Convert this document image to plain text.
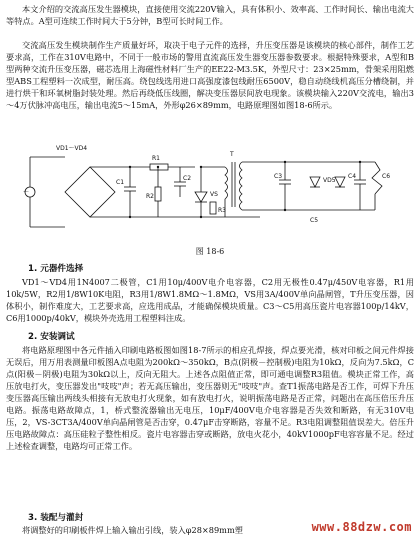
本文介绍的交流高压发生器模块，直接使用交流220V输入，具有体积小、效率高、工作时间长、输出电流大等特点。A型可连续工作时间大于5分钟，B型可长时间工作。

交流高压发生模块制作生产质量好坏，取决于电子元件的选择，升压变压器是该模块的核心部件，制作工艺要求高，工作在310V电路中，不同于一般市场的警用直流高压发生器变压器参数要求。根据特殊要求，A型和B型两种交流升压变压器，磁芯选用上海磁性材料厂生产的EE22-M3.5K，外型尺寸：23×25mm，骨架采用阻燃型ABS工程塑料一次成型，耐压高。绕包线选用进口高强度漆包线耐压6500V，稳自动绕线机高压分槽绕制，并进行烘干和环氧树脂封装处理。然后再绕低压线圈，解决变压器层间放电现象。该模块输入220V交流电，输出3～4万伏脉冲高电压，输出电流5～15mA，外形φ26×89mm，电路原理图如图18-6所示。

VD1～VD4
～
C1
R1
R2
C2
VS
R3
T
C3
VD5
C4
C5
C6

图 18-6

1. 元器件选择

VD1～VD4用1N4007二极管，C1用10μ/400V电介电容器，C2用无极性0.47μ/450V电容器，R1用10k/5W，R2用1/8W10K电阻，R3用1/8W1.8MΩ～1.8MΩ，VS用3A/400V单向晶闸管，T升压变压器，因体积小，制作难度大，工艺要求高，应选用成品，才能确保模块质量。C3～C5用高压瓷片电容器100p/14kV，C6用1000p/40kV，模块外壳选用工程塑料注成。

2. 安装调试

将电路原理图中各元件插入印刷电路板图如图18-7所示的相应孔焊接，焊点要光滑，核对印板之间元件焊接无误后，用万用表测量印板图A点电阻为200kΩ～350kΩ，B点(阴极－控制极)电阻为10kΩ，反向为7.5kΩ，C点(阳极－阴极)电阻为30kΩ以上，反向无阻大。上述各点阻值正常，即可通电调整R3阻值。模块正常工作，高压放电打火，变压器发出"吱吱"声；若无高压输出，变压器则无"吱吱"声。查T1振荡电路是否工作，可焊下升压变压器高压输出两线头相接有无放电打火现象，如有放电打火，说明振荡电路是否正常，问题出在高压倍压升压电路。振荡电路故障点，1，桥式整流器输出无电压，10μF/400V电介电容器是否失效和断路，有无310V电压，2，VS-3CT3A/400V单向晶闸管是否击穿，0.47μF击穿断路，容量不足。R3电阻调整阻值误差大。倍压升压电路故障点：高压硅粒子整性相反。瓷片电容器击穿或断路，放电火花小，40kV1000pF电容容量不足。经过上述检查调整，电路均可正常工作。

3. 装配与灌封

将调整好的印刷板件焊上输入输出引线，装入φ28×89mm塑	www.88dzw.com
